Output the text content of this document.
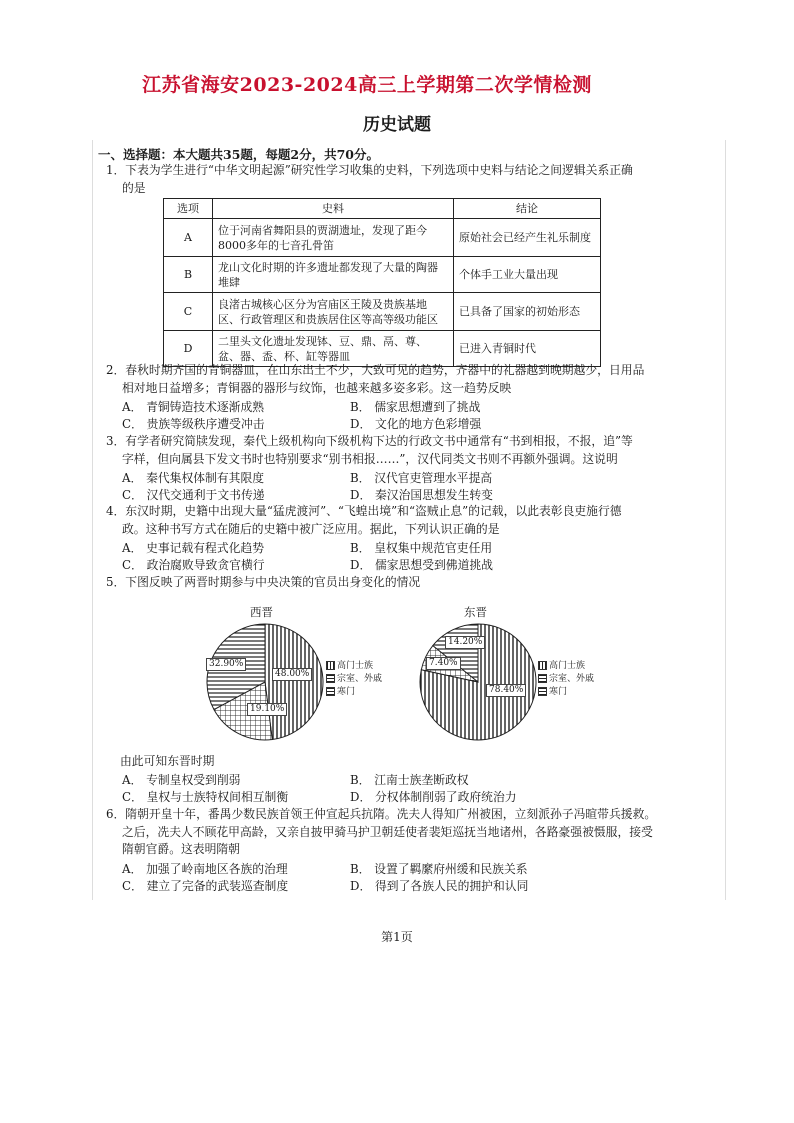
江苏省海安2023-2024高三上学期第二次学情检测
历史试题
一、选择题：本大题共35题，每题2分，共70分。
1．下表为学生进行“中华文明起源”研究性学习收集的史料，下列选项中史料与结论之间逻辑关系正确
的是
选项	史料	结论
A	位于河南省舞阳县的贾湖遗址，发现了距今8000多年的七音孔骨笛	原始社会已经产生礼乐制度
B	龙山文化时期的许多遗址都发现了大量的陶器堆肆	个体手工业大量出现
C	良渚古城核心区分为宫庙区王陵及贵族基地区、行政管理区和贵族居住区等高等级功能区	已具备了国家的初始形态
D	二里头文化遗址发现钵、豆、鼎、鬲、尊、盆、器、盉、杯、缸等器皿	已进入青铜时代
2．春秋时期齐国的青铜器皿，在山东出土不少，大致可见的趋势，齐器中的礼器越到晚期越少，日用品
相对地日益增多；青铜器的器形与纹饰，也越来越多姿多彩。这一趋势反映
A． 青铜铸造技术逐渐成熟	B． 儒家思想遭到了挑战
C． 贵族等级秩序遭受冲击	D． 文化的地方色彩增强
3．有学者研究简牍发现，秦代上级机构向下级机构下达的行政文书中通常有“书到相报，不报，追”等
字样，但向属县下发文书时也特别要求“别书相报……”，汉代同类文书则不再额外强调。这说明
A． 秦代集权体制有其限度	B． 汉代官吏管理水平提高
C． 汉代交通利于文书传递	D． 秦汉治国思想发生转变
4．东汉时期，史籍中出现大量“猛虎渡河”、“飞蝗出境”和“盗贼止息”的记载，以此表彰良吏施行德
政。这种书写方式在随后的史籍中被广泛应用。据此，下列认识正确的是
A． 史事记载有程式化趋势	B． 皇权集中规范官吏任用
C． 政治腐败导致贪官横行	D． 儒家思想受到佛道挑战
5．下图反映了两晋时期参与中央决策的官员出身变化的情况
西晋	东晋
48.00%
19.10%
32.90%
78.40%
7.40%
14.20%
高门士族
宗室、外戚
寒门
高门士族
宗室、外戚
寒门
由此可知东晋时期
A． 专制皇权受到削弱	B． 江南士族垄断政权
C． 皇权与士族特权间相互制衡	D． 分权体制削弱了政府统治力
6．隋朝开皇十年，番禺少数民族首领王仲宣起兵抗隋。冼夫人得知广州被困，立刻派孙子冯暄带兵援救。
之后，冼夫人不顾花甲高龄，又亲自披甲骑马护卫朝廷使者裴矩巡抚当地诸州，各路豪强被慑服，接受
隋朝官爵。这表明隋朝
A． 加强了岭南地区各族的治理	B． 设置了羁縻府州缓和民族关系
C． 建立了完备的武装巡查制度	D． 得到了各族人民的拥护和认同
第1页
